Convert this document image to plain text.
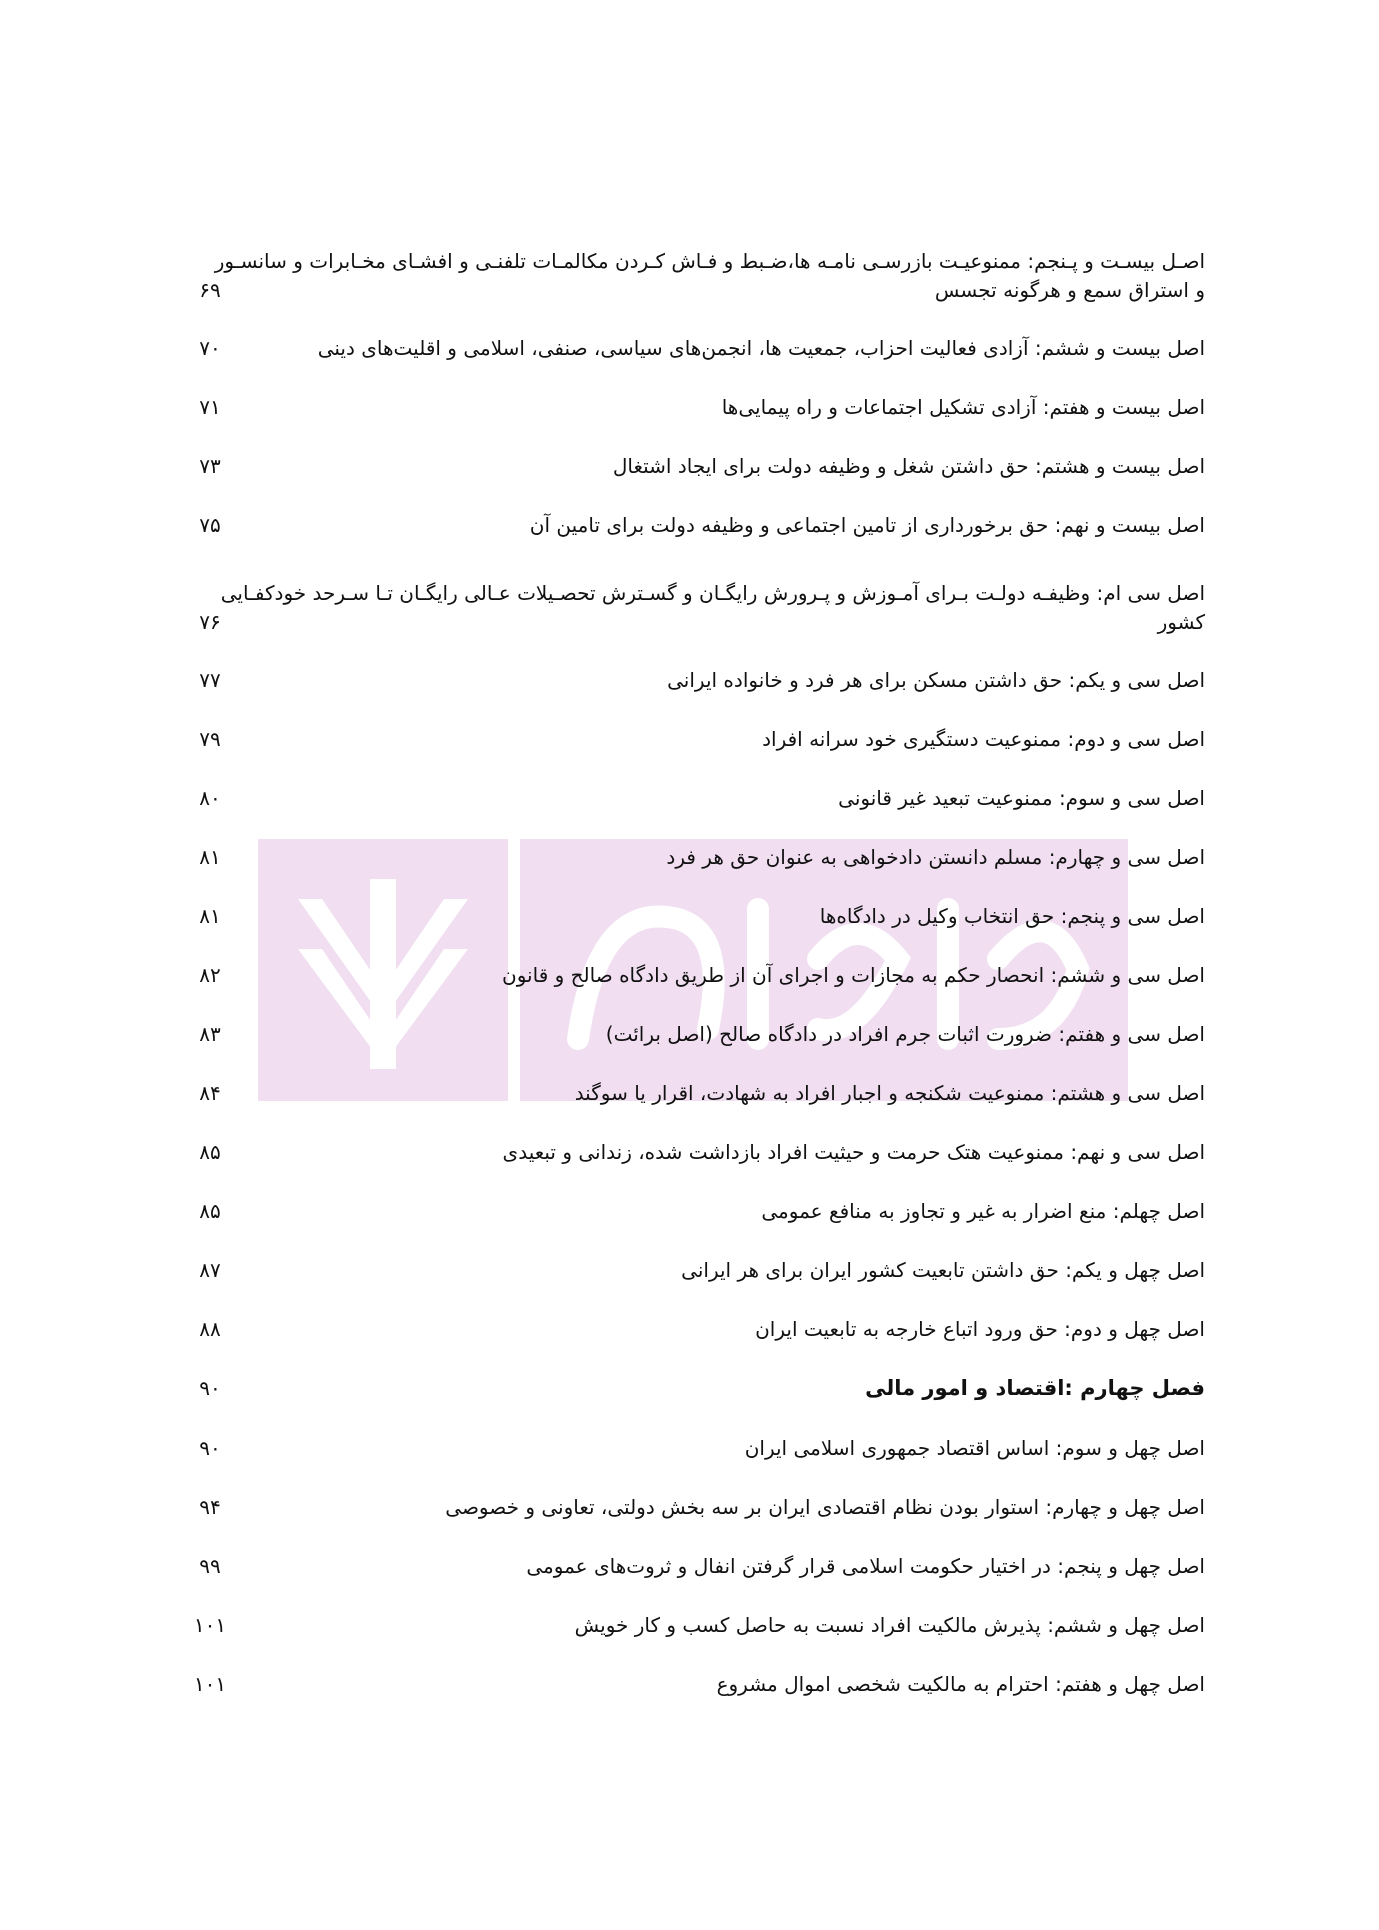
اصـل بیسـت و پـنجم: ممنوعیـت بازرسـی نامـه ها،ضـبط و فـاش کـردن مکالمـات تلفنـی و افشـای مخـابرات و سانسـور
و استراق سمع و هرگونه تجسس
۶۹
اصل بیست و ششم: آزادی فعالیت احزاب، جمعیت ها، انجمن‌های سیاسی، صنفی، اسلامی و اقلیت‌های دینی
۷۰
اصل بیست و هفتم: آزادی تشکیل اجتماعات و راه پیمایی‌ها
۷۱
اصل بیست و هشتم: حق داشتن شغل و وظیفه دولت برای ایجاد اشتغال
۷۳
اصل بیست و نهم: حق برخورداری از تامین اجتماعی و وظیفه دولت برای تامین آن
۷۵
اصل سی ام: وظیفـه دولـت بـرای آمـوزش و پـرورش رایگـان و گسـترش تحصـیلات عـالی رایگـان تـا سـرحد خودکفـایی
کشور
۷۶
اصل سی و یکم: حق داشتن مسکن برای هر فرد و خانواده ایرانی
۷۷
اصل سی و دوم: ممنوعیت دستگیری خود سرانه افراد
۷۹
اصل سی و سوم: ممنوعیت تبعید غیر قانونی
۸۰
اصل سی و چهارم: مسلم دانستن دادخواهی به عنوان حق هر فرد
۸۱
اصل سی و پنجم: حق انتخاب وکیل در دادگاه‌ها
۸۱
اصل سی و ششم: انحصار حکم به مجازات و اجرای آن از طریق دادگاه صالح و قانون
۸۲
اصل سی و هفتم: ضرورت اثبات جرم افراد در دادگاه صالح (اصل برائت)
۸۳
اصل سی و هشتم: ممنوعیت شکنجه و اجبار افراد به شهادت، اقرار یا سوگند
۸۴
اصل سی و نهم: ممنوعیت هتک حرمت و حیثیت افراد بازداشت شده، زندانی و تبعیدی
۸۵
اصل چهلم: منع اضرار به غیر و تجاوز به منافع عمومی
۸۵
اصل چهل و یکم: حق داشتن تابعیت کشور ایران برای هر ایرانی
۸۷
اصل چهل و دوم: حق ورود اتباع خارجه به تابعیت ایران
۸۸
فصل چهارم :اقتصاد و امور مالی
۹۰
اصل چهل و سوم: اساس اقتصاد جمهوری اسلامی ایران
۹۰
اصل چهل و چهارم: استوار بودن نظام اقتصادی ایران بر سه بخش دولتی، تعاونی و خصوصی
۹۴
اصل چهل و پنجم: در اختیار حکومت اسلامی قرار گرفتن انفال و ثروت‌های عمومی
۹۹
اصل چهل و ششم: پذیرش مالکیت افراد نسبت به حاصل کسب و کار خویش
۱۰۱
اصل چهل و هفتم: احترام به مالکیت شخصی اموال مشروع
۱۰۱
